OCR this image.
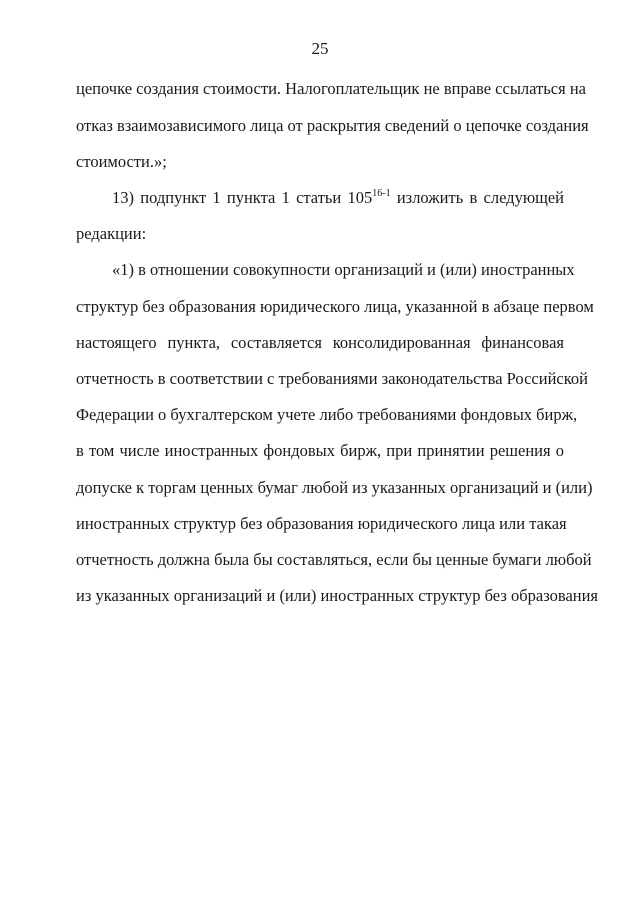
25
цепочке создания стоимости. Налогоплательщик не вправе ссылаться на
отказ взаимозависимого лица от раскрытия сведений о цепочке создания
стоимости.»;
13) подпункт 1 пункта 1 статьи 105$^{16-1}$ изложить в следующей
редакции:
«1) в отношении совокупности организаций и (или) иностранных
структур без образования юридического лица, указанной в абзаце первом
настоящего пункта, составляется консолидированная финансовая
отчетность в соответствии с требованиями законодательства Российской
Федерации о бухгалтерском учете либо требованиями фондовых бирж,
в том числе иностранных фондовых бирж, при принятии решения о
допуске к торгам ценных бумаг любой из указанных организаций и (или)
иностранных структур без образования юридического лица или такая
отчетность должна была бы составляться, если бы ценные бумаги любой
из указанных организаций и (или) иностранных структур без образования
